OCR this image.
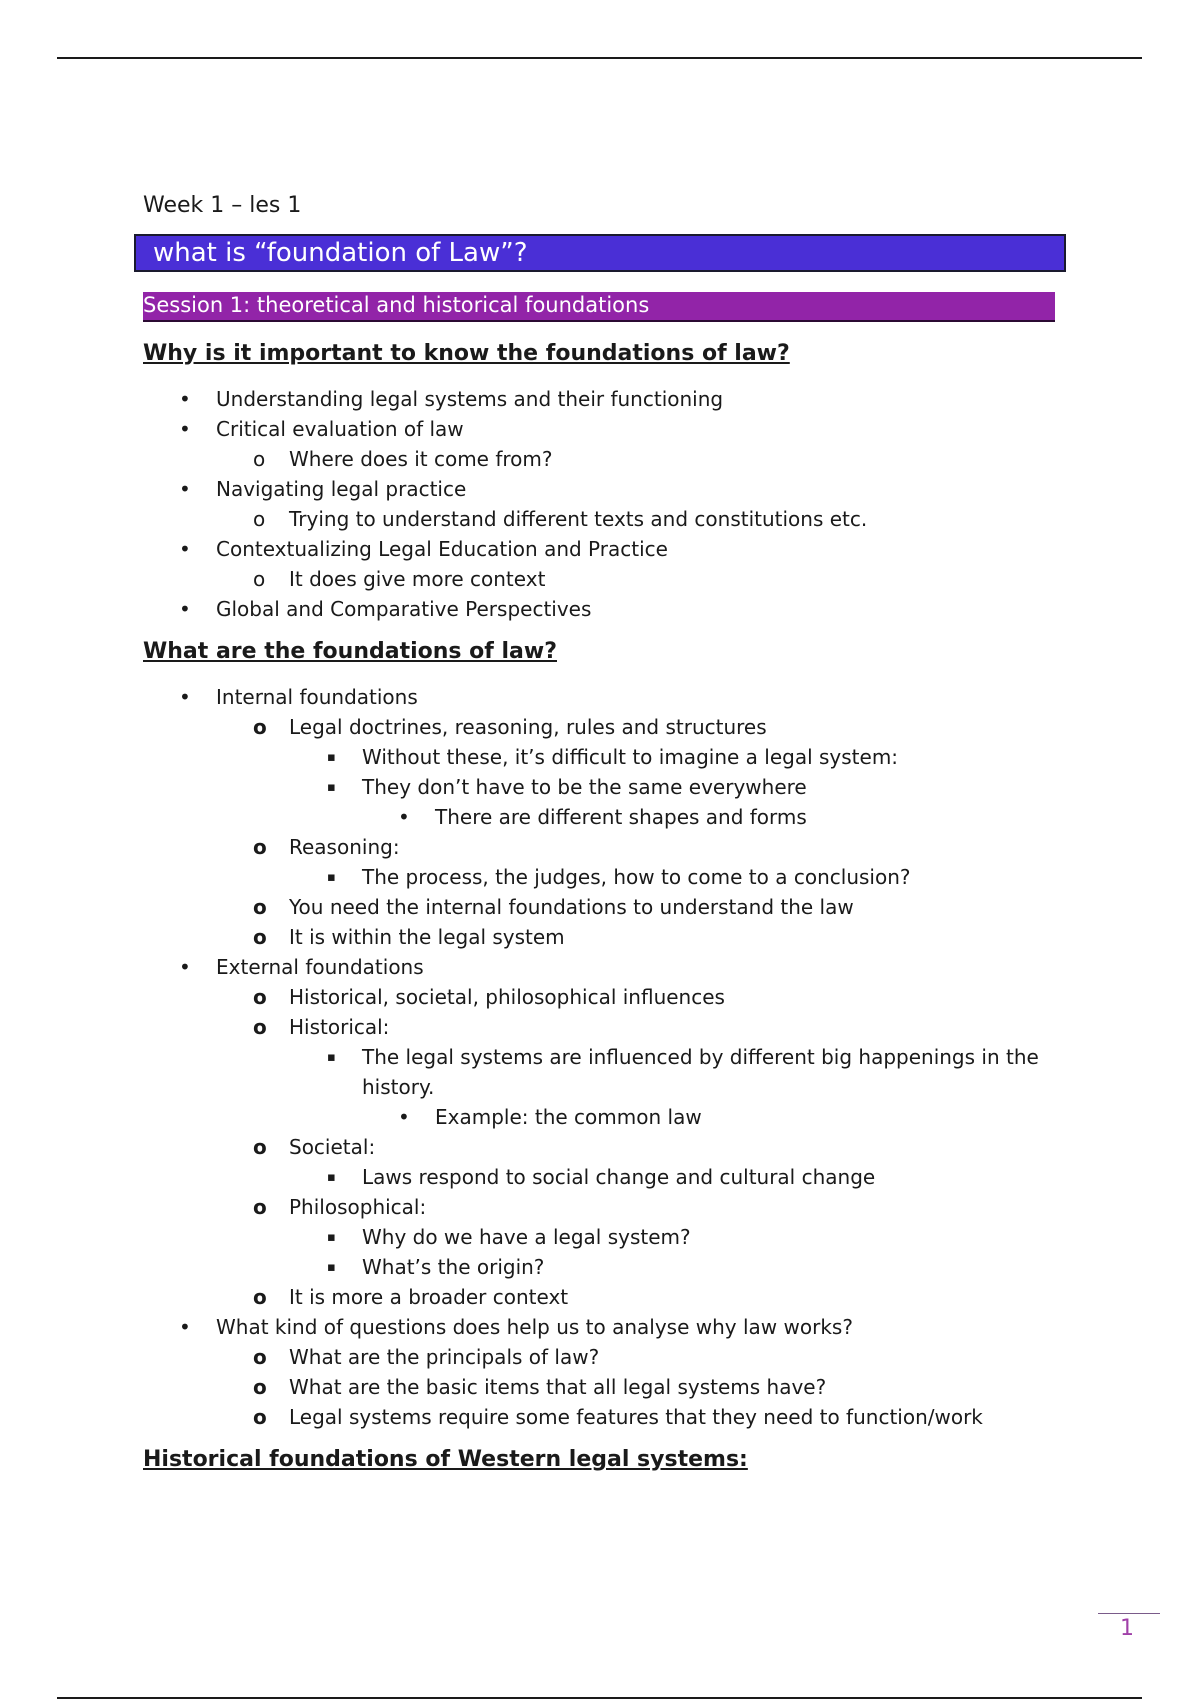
Week 1 – les 1
what is “foundation of Law”?
Session 1: theoretical and historical foundations
Why is it important to know the foundations of law?
• Understanding legal systems and their functioning
• Critical evaluation of law
o Where does it come from?
• Navigating legal practice
o Trying to understand different texts and constitutions etc.
• Contextualizing Legal Education and Practice
o It does give more context
• Global and Comparative Perspectives
What are the foundations of law?
• Internal foundations
o Legal doctrines, reasoning, rules and structures
▪ Without these, it’s difficult to imagine a legal system:
▪ They don’t have to be the same everywhere
• There are different shapes and forms
o Reasoning:
▪ The process, the judges, how to come to a conclusion?
o You need the internal foundations to understand the law
o It is within the legal system
• External foundations
o Historical, societal, philosophical influences
o Historical:
▪ The legal systems are influenced by different big happenings in the history.
• Example: the common law
o Societal:
▪ Laws respond to social change and cultural change
o Philosophical:
▪ Why do we have a legal system?
▪ What’s the origin?
o It is more a broader context
• What kind of questions does help us to analyse why law works?
o What are the principals of law?
o What are the basic items that all legal systems have?
o Legal systems require some features that they need to function/work
Historical foundations of Western legal systems:
1
